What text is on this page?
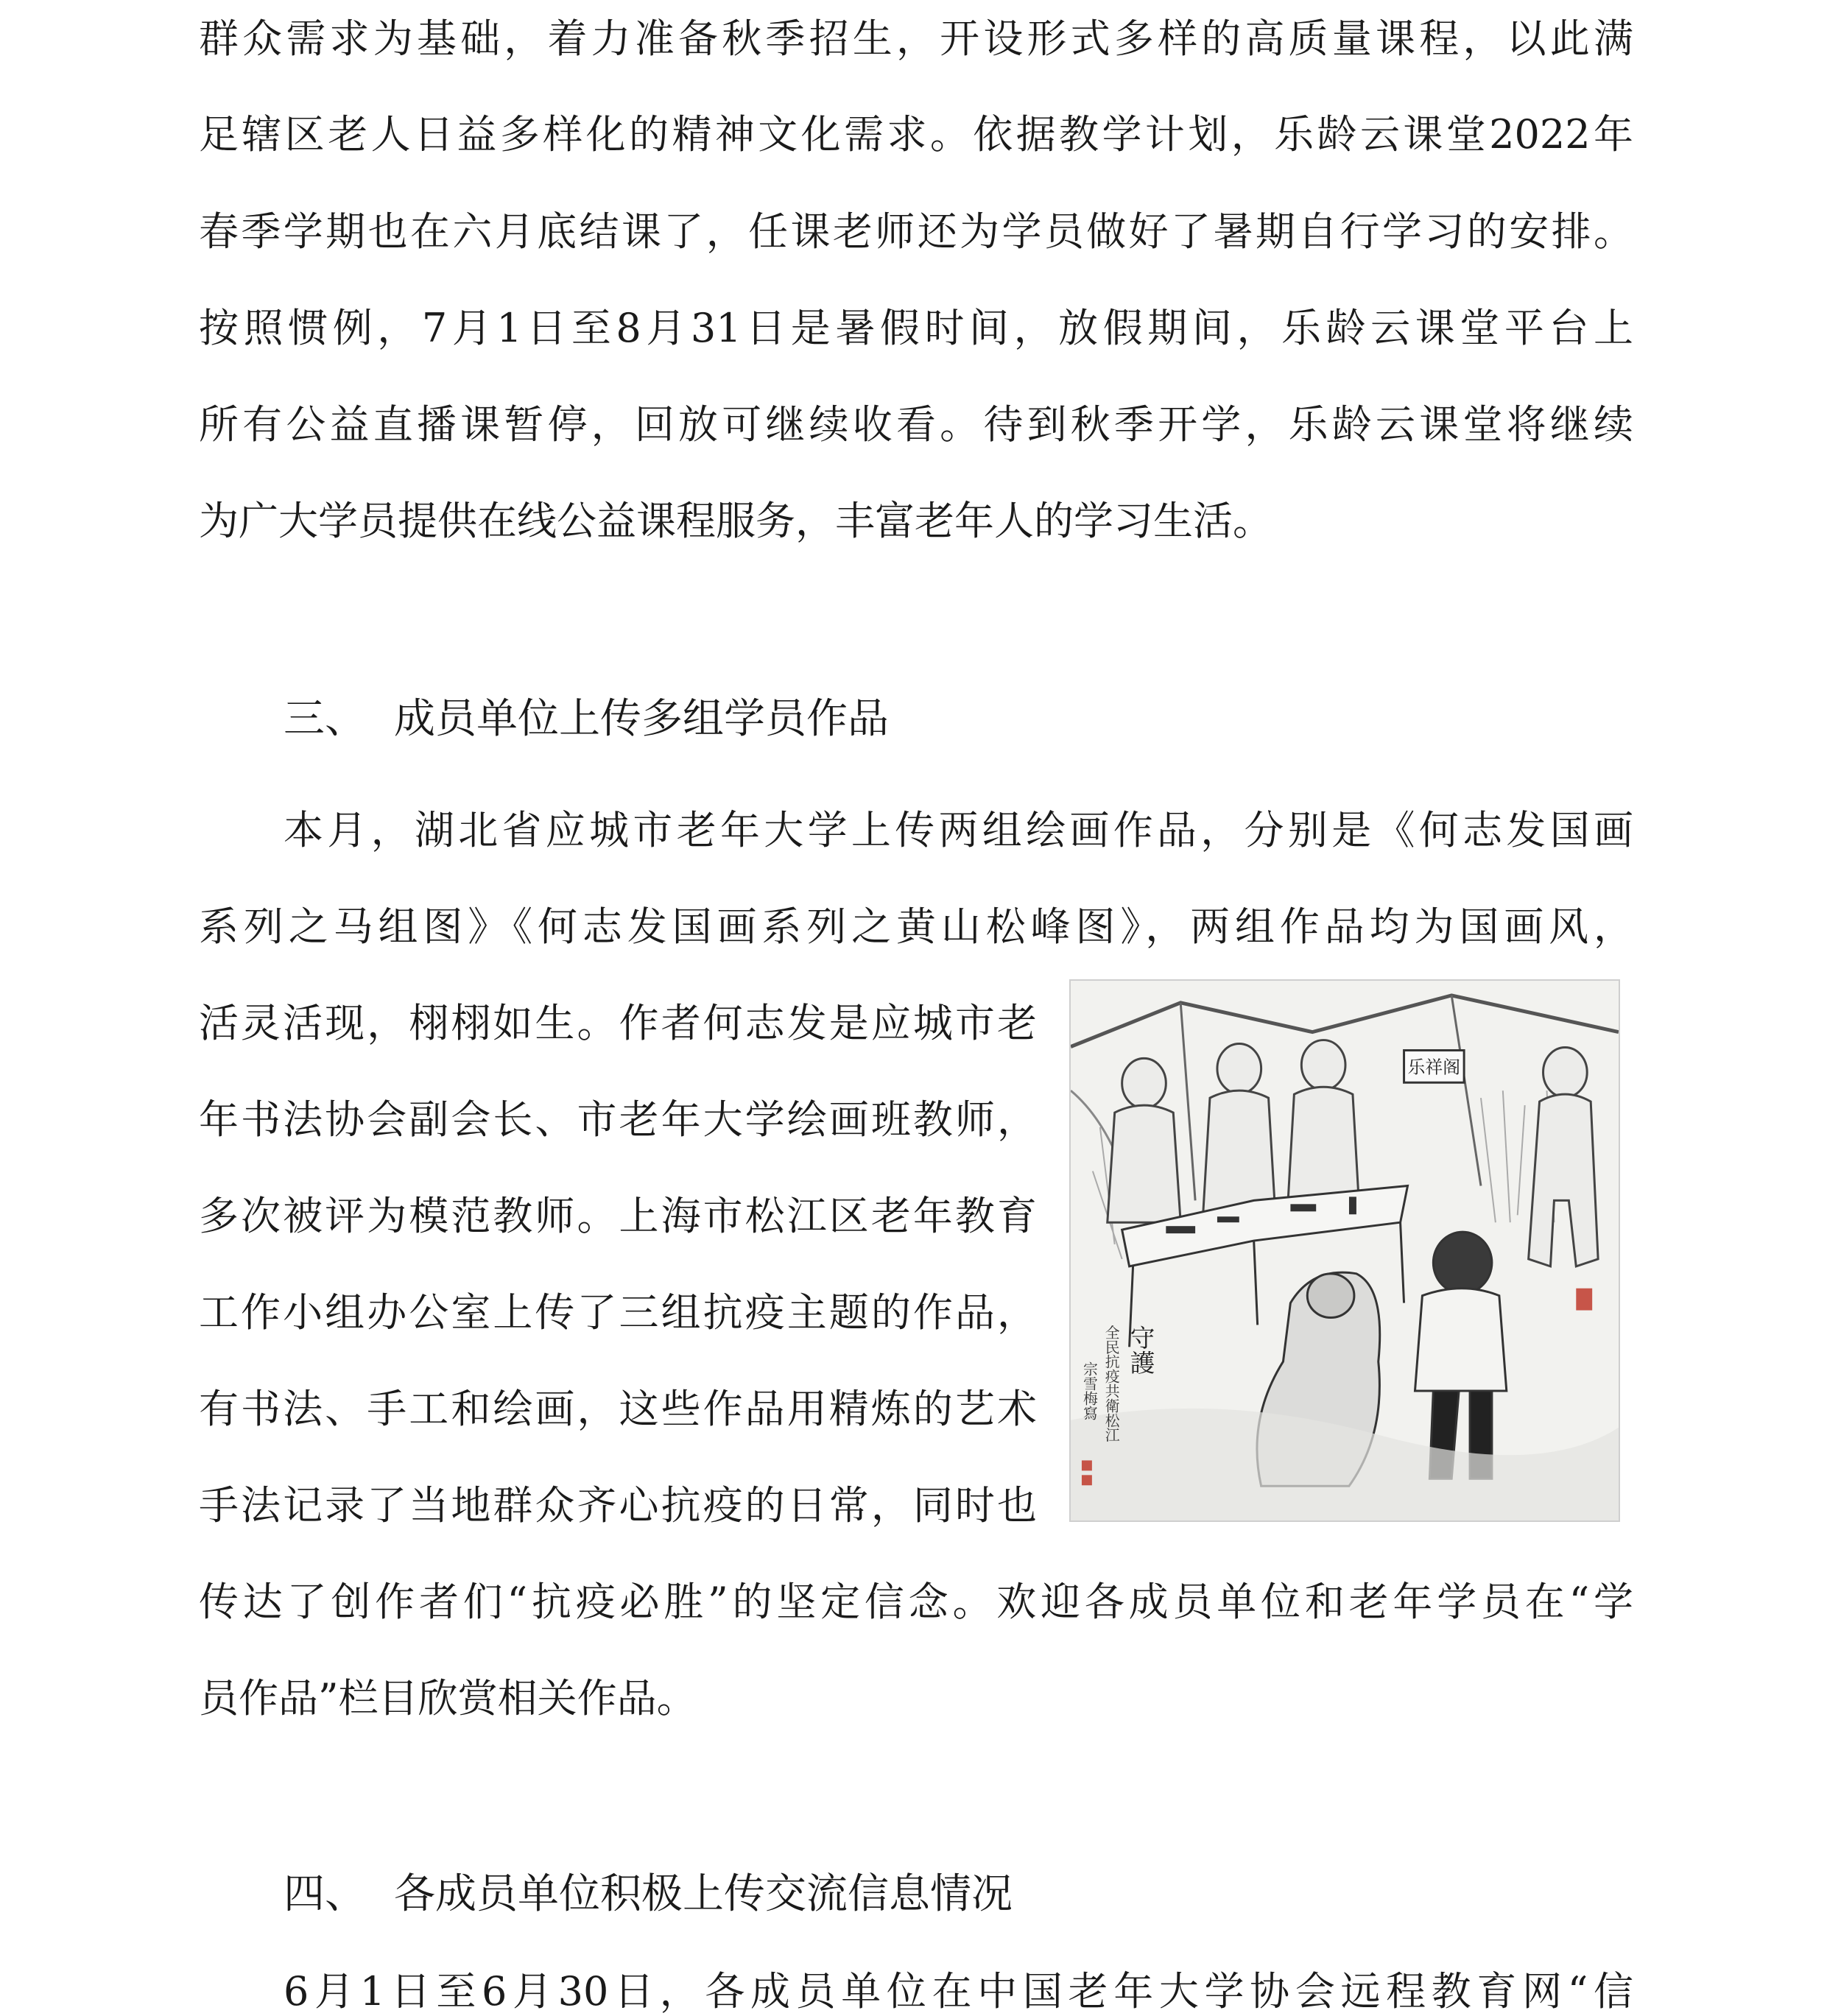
群众需求为基础，着力准备秋季招生，开设形式多样的高质量课程，以此满
足辖区老人日益多样化的精神文化需求。依据教学计划，乐龄云课堂2022年
春季学期也在六月底结课了，任课老师还为学员做好了暑期自行学习的安排。
按照惯例，7月1日至8月31日是暑假时间，放假期间，乐龄云课堂平台上
所有公益直播课暂停，回放可继续收看。待到秋季开学，乐龄云课堂将继续
为广大学员提供在线公益课程服务，丰富老年人的学习生活。
三、 成员单位上传多组学员作品
本月，湖北省应城市老年大学上传两组绘画作品，分别是《何志发国画
系列之马组图》《何志发国画系列之黄山松峰图》，两组作品均为国画风，
活灵活现，栩栩如生。作者何志发是应城市老
年书法协会副会长、市老年大学绘画班教师，
多次被评为模范教师。上海市松江区老年教育
工作小组办公室上传了三组抗疫主题的作品，
有书法、手工和绘画，这些作品用精炼的艺术
手法记录了当地群众齐心抗疫的日常，同时也
传达了创作者们“抗疫必胜”的坚定信念。欢迎各成员单位和老年学员在“学
员作品”栏目欣赏相关作品。
乐祥阁
守護
全民抗疫共衛松江
宗雪梅寫
四、 各成员单位积极上传交流信息情况
6月1日至6月30日，各成员单位在中国老年大学协会远程教育网“信
